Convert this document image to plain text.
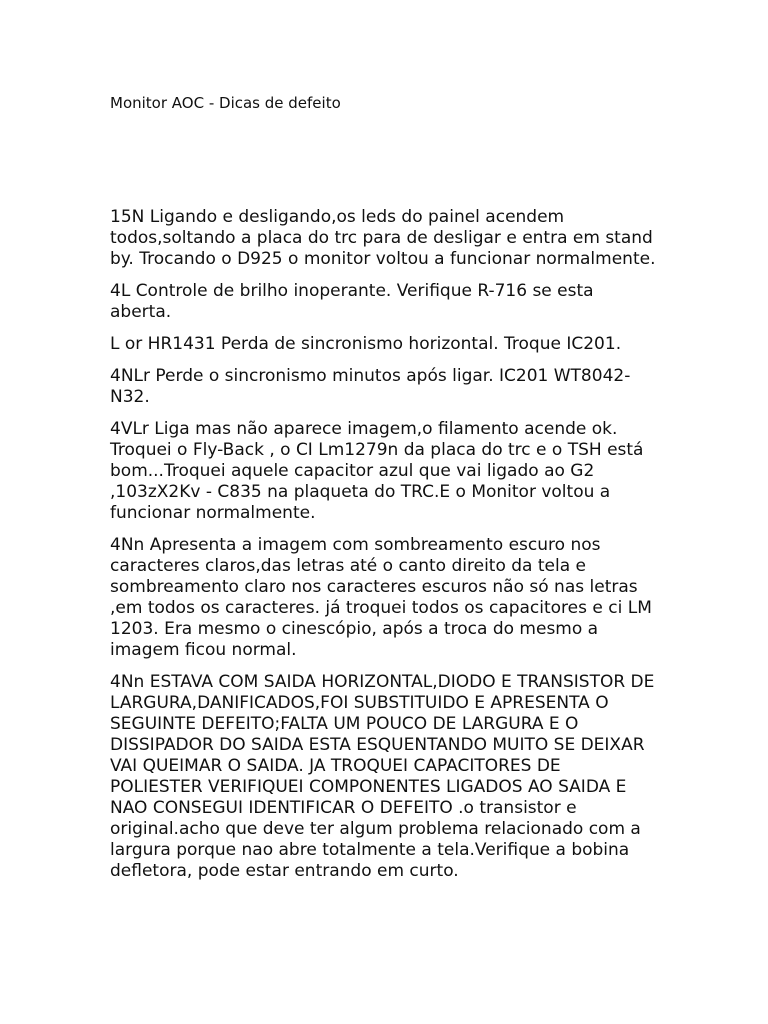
Monitor AOC - Dicas de defeito

15N Ligando e desligando,os leds do painel acendem todos,soltando a placa do trc para de desligar e entra em stand by. Trocando o D925 o monitor voltou a funcionar normalmente.

4L Controle de brilho inoperante. Verifique R-716 se esta aberta.

L or HR1431 Perda de sincronismo horizontal. Troque IC201.

4NLr Perde o sincronismo minutos após ligar. IC201 WT8042-N32.

4VLr Liga mas não aparece imagem,o filamento acende ok. Troquei o Fly-Back , o CI Lm1279n da placa do trc e o TSH está bom...Troquei aquele capacitor azul que vai ligado ao G2 ,103zX2Kv - C835 na plaqueta do TRC.E o Monitor voltou a funcionar normalmente.

4Nn Apresenta a imagem com sombreamento escuro nos caracteres claros,das letras até o canto direito da tela e sombreamento claro nos caracteres escuros não só nas letras ,em todos os caracteres. já troquei todos os capacitores e ci LM 1203. Era mesmo o cinescópio, após a troca do mesmo a imagem ficou normal.

4Nn ESTAVA COM SAIDA HORIZONTAL,DIODO E TRANSISTOR DE LARGURA,DANIFICADOS,FOI SUBSTITUIDO E APRESENTA O SEGUINTE DEFEITO;FALTA UM POUCO DE LARGURA E O DISSIPADOR DO SAIDA ESTA ESQUENTANDO MUITO SE DEIXAR VAI QUEIMAR O SAIDA. JA TROQUEI CAPACITORES DE POLIESTER VERIFIQUEI COMPONENTES LIGADOS AO SAIDA E NAO CONSEGUI IDENTIFICAR O DEFEITO .o transistor e original.acho que deve ter algum problema relacionado com a largura porque nao abre totalmente a tela.Verifique a bobina defletora, pode estar entrando em curto.
